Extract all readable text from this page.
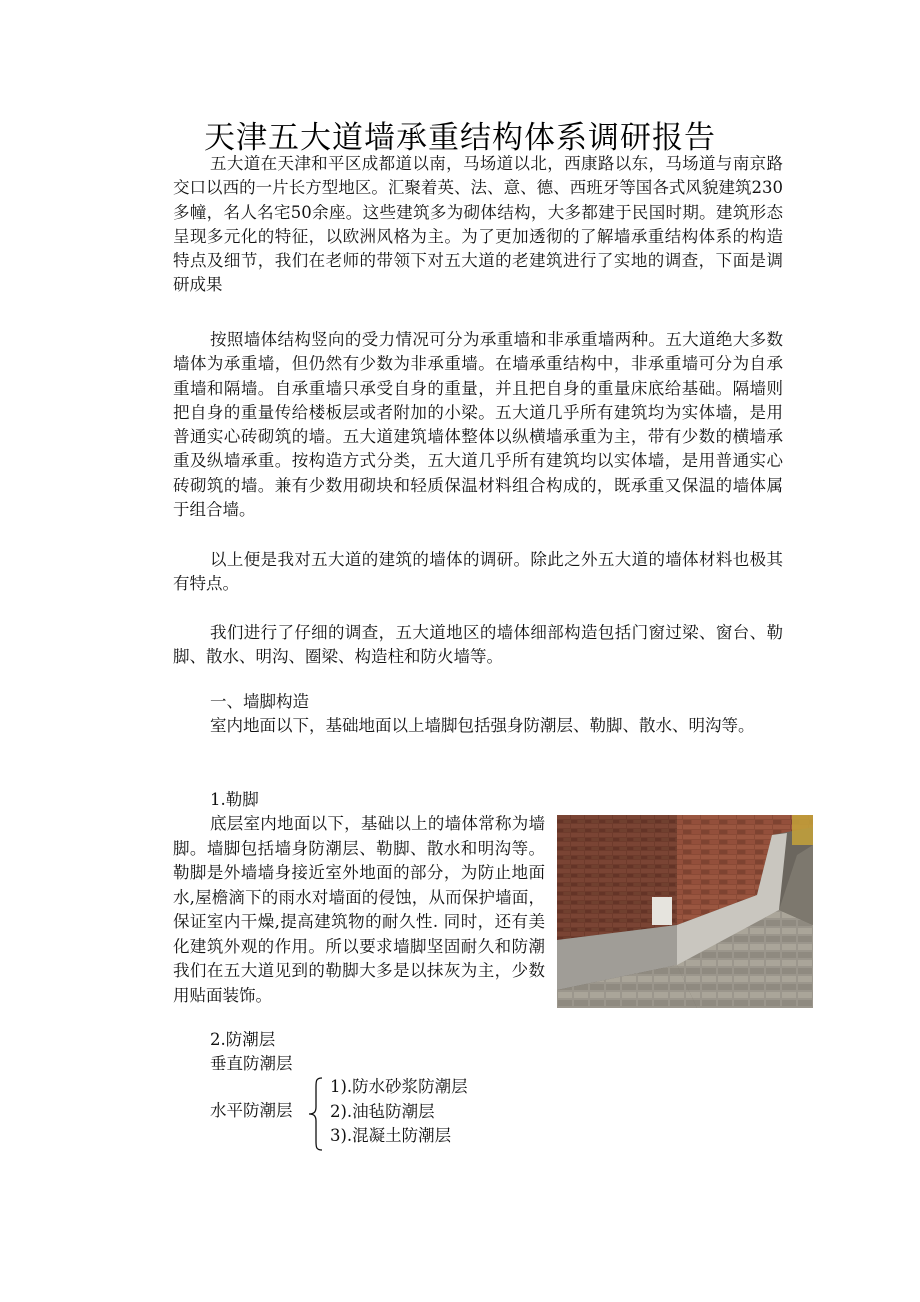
天津五大道墙承重结构体系调研报告

五大道在天津和平区成都道以南，马场道以北，西康路以东，马场道与南京路交口以西的一片长方型地区。汇聚着英、法、意、德、西班牙等国各式风貌建筑230多幢，名人名宅50余座。这些建筑多为砌体结构，大多都建于民国时期。建筑形态呈现多元化的特征，以欧洲风格为主。为了更加透彻的了解墙承重结构体系的构造特点及细节，我们在老师的带领下对五大道的老建筑进行了实地的调查，下面是调研成果

按照墙体结构竖向的受力情况可分为承重墙和非承重墙两种。五大道绝大多数墙体为承重墙，但仍然有少数为非承重墙。在墙承重结构中，非承重墙可分为自承重墙和隔墙。自承重墙只承受自身的重量，并且把自身的重量床底给基础。隔墙则把自身的重量传给楼板层或者附加的小梁。五大道几乎所有建筑均为实体墙，是用普通实心砖砌筑的墙。五大道建筑墙体整体以纵横墙承重为主，带有少数的横墙承重及纵墙承重。按构造方式分类，五大道几乎所有建筑均以实体墙，是用普通实心砖砌筑的墙。兼有少数用砌块和轻质保温材料组合构成的，既承重又保温的墙体属于组合墙。

以上便是我对五大道的建筑的墙体的调研。除此之外五大道的墙体材料也极其有特点。

我们进行了仔细的调查，五大道地区的墙体细部构造包括门窗过梁、窗台、勒脚、散水、明沟、圈梁、构造柱和防火墙等。

一、墙脚构造

室内地面以下，基础地面以上墙脚包括强身防潮层、勒脚、散水、明沟等。

1.勒脚

底层室内地面以下，基础以上的墙体常称为墙脚。墙脚包括墙身防潮层、勒脚、散水和明沟等。勒脚是外墙墙身接近室外地面的部分，为防止地面水,屋檐滴下的雨水对墙面的侵蚀，从而保护墙面，保证室内干燥,提高建筑物的耐久性. 同时，还有美化建筑外观的作用。所以要求墙脚坚固耐久和防潮我们在五大道见到的勒脚大多是以抹灰为主，少数用贴面装饰。

2.防潮层
垂直防潮层
水平防潮层
1).防水砂浆防潮层
2).油毡防潮层
3).混凝土防潮层
